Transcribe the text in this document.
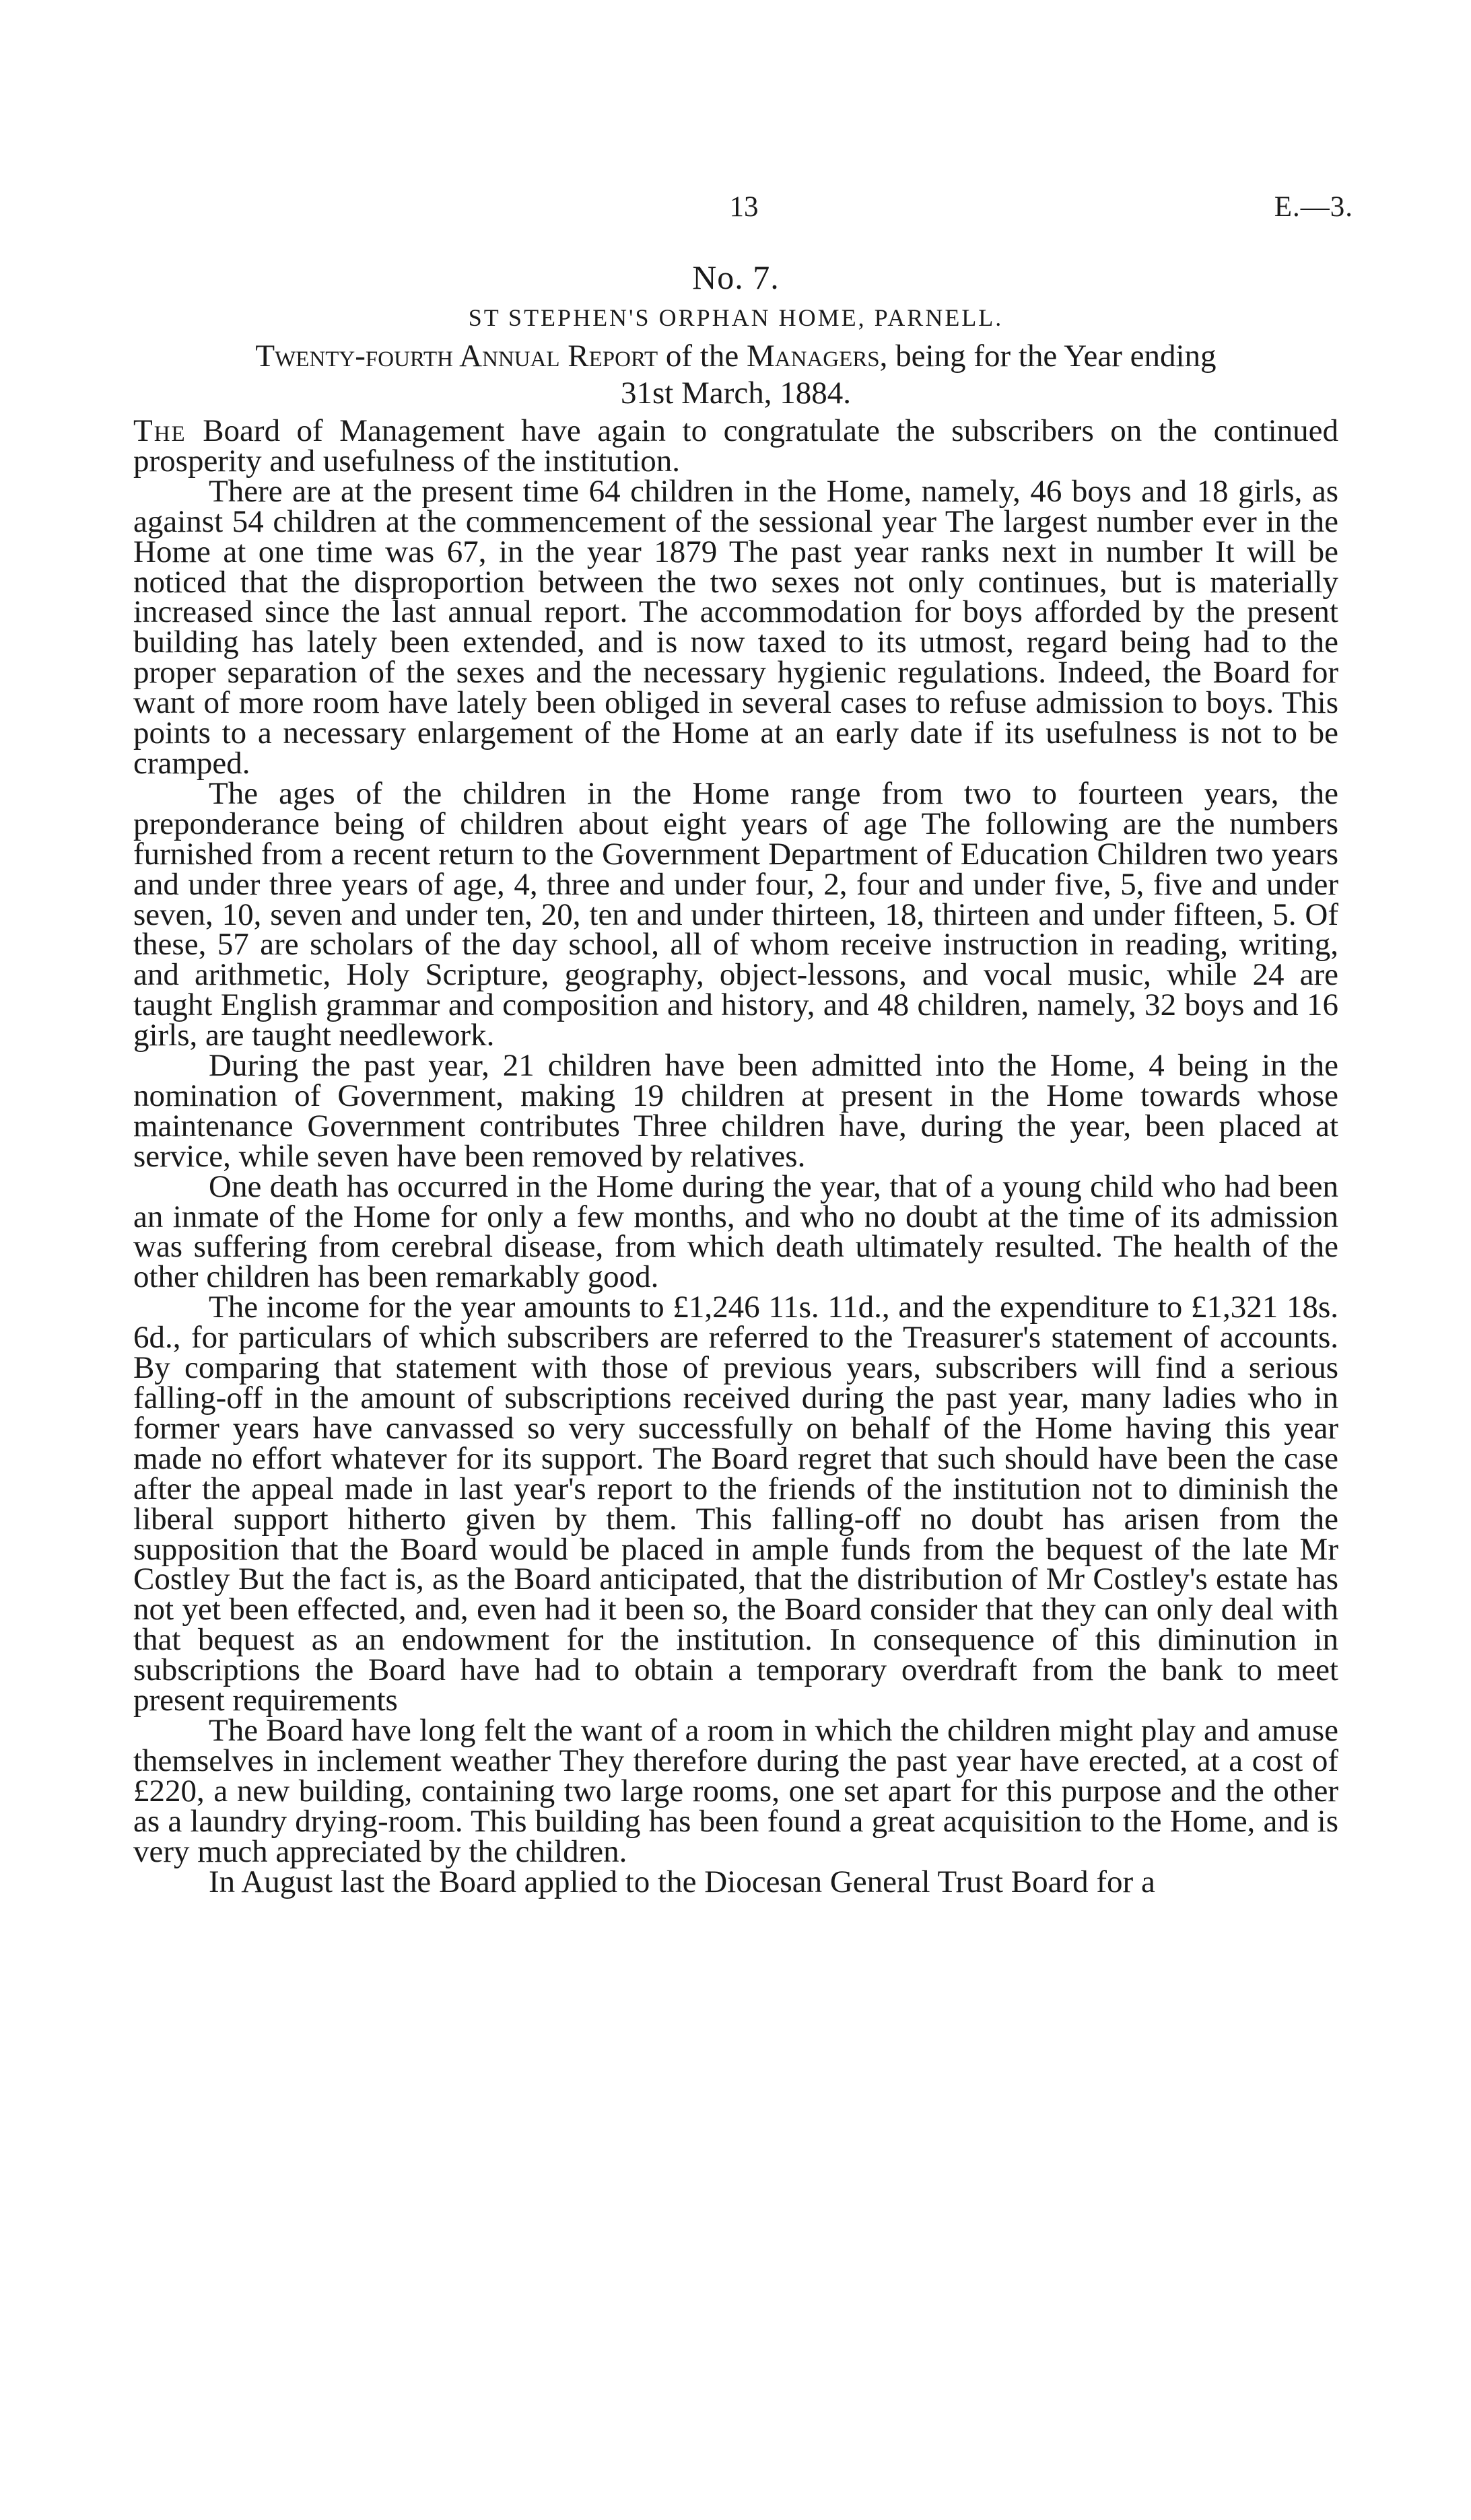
13	E.—3.
No. 7.
ST STEPHEN'S ORPHAN HOME, PARNELL.
Twenty-fourth Annual Report of the Managers, being for the Year ending
31st March, 1884.

The Board of Management have again to congratulate the subscribers on the continued prosperity and usefulness of the institution.

There are at the present time 64 children in the Home, namely, 46 boys and 18 girls, as against 54 children at the commencement of the sessional year The largest number ever in the Home at one time was 67, in the year 1879 The past year ranks next in number It will be noticed that the disproportion between the two sexes not only continues, but is materially increased since the last annual report. The accommodation for boys afforded by the present building has lately been extended, and is now taxed to its utmost, regard being had to the proper separation of the sexes and the necessary hygienic regulations. Indeed, the Board for want of more room have lately been obliged in several cases to refuse admission to boys. This points to a necessary enlargement of the Home at an early date if its usefulness is not to be cramped.

The ages of the children in the Home range from two to fourteen years, the preponderance being of children about eight years of age The following are the numbers furnished from a recent return to the Government Department of Education Children two years and under three years of age, 4, three and under four, 2, four and under five, 5, five and under seven, 10, seven and under ten, 20, ten and under thirteen, 18, thirteen and under fifteen, 5. Of these, 57 are scholars of the day school, all of whom receive instruction in reading, writing, and arithmetic, Holy Scripture, geography, object-lessons, and vocal music, while 24 are taught English grammar and composition and history, and 48 children, namely, 32 boys and 16 girls, are taught needlework.

During the past year, 21 children have been admitted into the Home, 4 being in the nomination of Government, making 19 children at present in the Home towards whose maintenance Government contributes Three children have, during the year, been placed at service, while seven have been removed by relatives.

One death has occurred in the Home during the year, that of a young child who had been an inmate of the Home for only a few months, and who no doubt at the time of its admission was suffering from cerebral disease, from which death ultimately resulted. The health of the other children has been remarkably good.

The income for the year amounts to £1,246 11s. 11d., and the expenditure to £1,321 18s. 6d., for particulars of which subscribers are referred to the Treasurer's statement of accounts. By comparing that statement with those of previous years, subscribers will find a serious falling-off in the amount of subscriptions received during the past year, many ladies who in former years have canvassed so very successfully on behalf of the Home having this year made no effort whatever for its support. The Board regret that such should have been the case after the appeal made in last year's report to the friends of the institution not to diminish the liberal support hitherto given by them. This falling-off no doubt has arisen from the supposition that the Board would be placed in ample funds from the bequest of the late Mr Costley But the fact is, as the Board anticipated, that the distribution of Mr Costley's estate has not yet been effected, and, even had it been so, the Board consider that they can only deal with that bequest as an endowment for the institution. In consequence of this diminution in subscriptions the Board have had to obtain a temporary overdraft from the bank to meet present requirements

The Board have long felt the want of a room in which the children might play and amuse themselves in inclement weather They therefore during the past year have erected, at a cost of £220, a new building, containing two large rooms, one set apart for this purpose and the other as a laundry drying-room. This building has been found a great acquisition to the Home, and is very much appreciated by the children.

In August last the Board applied to the Diocesan General Trust Board for a
